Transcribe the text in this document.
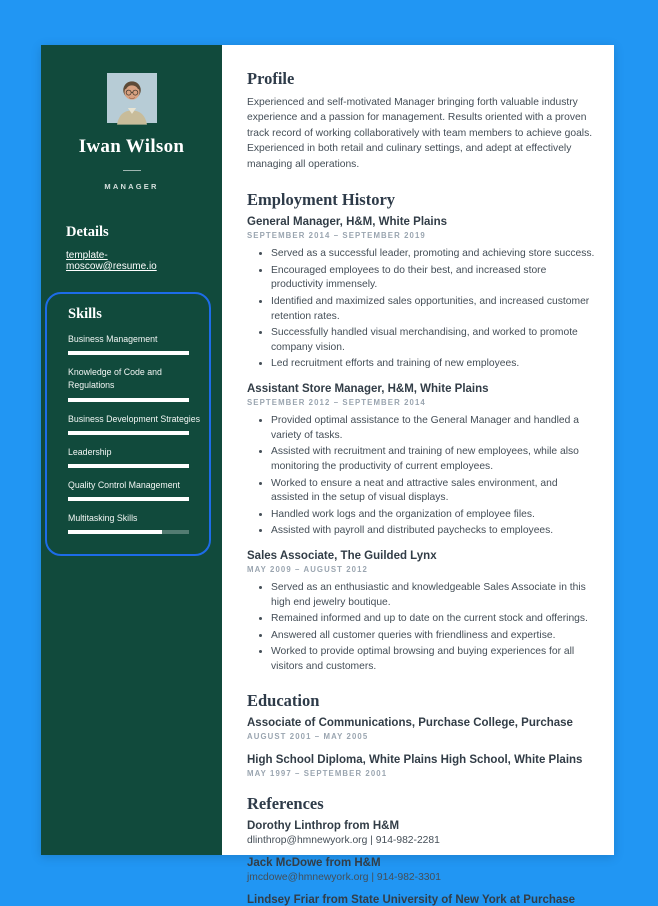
Iwan Wilson
MANAGER
Details
template-moscow@resume.io
Skills
Business Management
Knowledge of Code and Regulations
Business Development Strategies
Leadership
Quality Control Management
Multitasking Skills
Profile

Experienced and self-motivated Manager bringing forth valuable industry experience and a passion for management. Results oriented with a proven track record of working collaboratively with team members to achieve goals. Experienced in both retail and culinary settings, and adept at effectively managing all operations.

Employment History
General Manager, H&M, White Plains
SEPTEMBER 2014 – SEPTEMBER 2019
• Served as a successful leader, promoting and achieving store success.
• Encouraged employees to do their best, and increased store productivity immensely.
• Identified and maximized sales opportunities, and increased customer retention rates.
• Successfully handled visual merchandising, and worked to promote company vision.
• Led recruitment efforts and training of new employees.
Assistant Store Manager, H&M, White Plains
SEPTEMBER 2012 – SEPTEMBER 2014
• Provided optimal assistance to the General Manager and handled a variety of tasks.
• Assisted with recruitment and training of new employees, while also monitoring the productivity of current employees.
• Worked to ensure a neat and attractive sales environment, and assisted in the setup of visual displays.
• Handled work logs and the organization of employee files.
• Assisted with payroll and distributed paychecks to employees.
Sales Associate, The Guilded Lynx
MAY 2009 – AUGUST 2012
• Served as an enthusiastic and knowledgeable Sales Associate in this high end jewelry boutique.
• Remained informed and up to date on the current stock and offerings.
• Answered all customer queries with friendliness and expertise.
• Worked to provide optimal browsing and buying experiences for all visitors and customers.
Education
Associate of Communications, Purchase College, Purchase
AUGUST 2001 – MAY 2005
High School Diploma, White Plains High School, White Plains
MAY 1997 – SEPTEMBER 2001
References
Dorothy Linthrop from H&M
dlinthrop@hmnewyork.org | 914-982-2281
Jack McDowe from H&M
jmcdowe@hmnewyork.org | 914-982-3301
Lindsey Friar from State University of New York at Purchase
